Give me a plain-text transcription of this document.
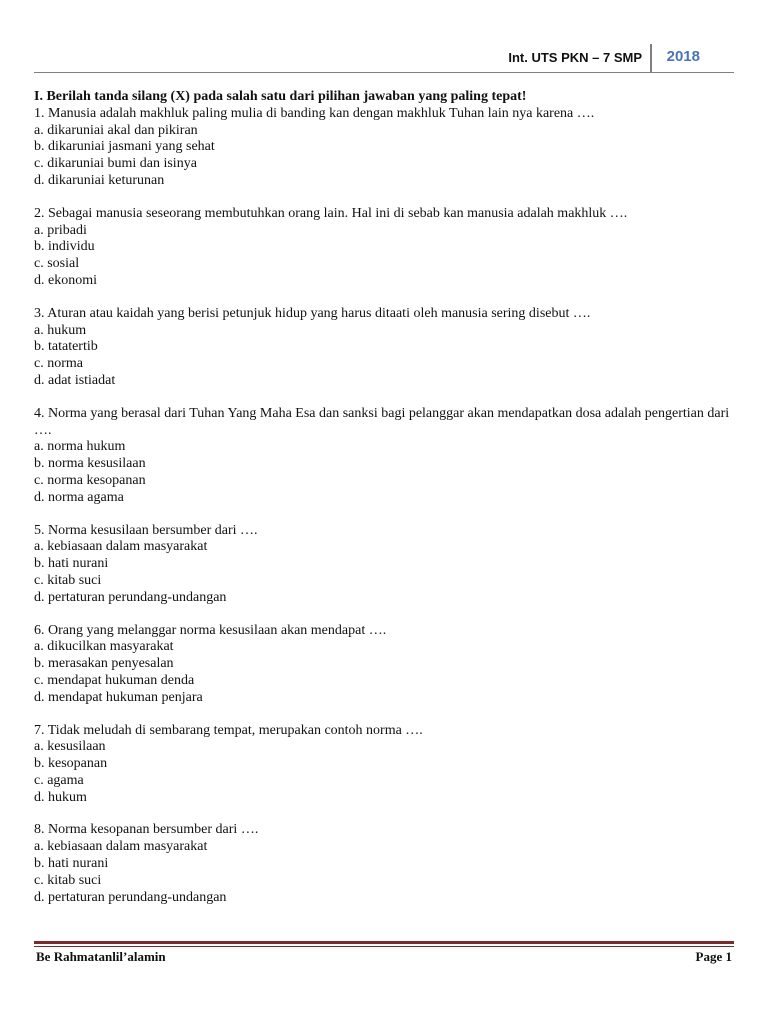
Int. UTS PKN – 7 SMP 2018

I. Berilah tanda silang (X) pada salah satu dari pilihan jawaban yang paling tepat!

1. Manusia adalah makhluk paling mulia di banding kan dengan makhluk Tuhan lain nya karena ….

a. dikaruniai akal dan pikiran

b. dikaruniai jasmani yang sehat

c. dikaruniai bumi dan isinya

d. dikaruniai keturunan

2. Sebagai manusia seseorang membutuhkan orang lain. Hal ini di sebab kan manusia adalah makhluk ….

a. pribadi

b. individu

c. sosial

d. ekonomi

3. Aturan atau kaidah yang berisi petunjuk hidup yang harus ditaati oleh manusia sering disebut ….

a. hukum

b. tatatertib

c. norma

d. adat istiadat

4. Norma yang berasal dari Tuhan Yang Maha Esa dan sanksi bagi pelanggar akan mendapatkan dosa adalah pengertian dari ….

a. norma hukum

b. norma kesusilaan

c. norma kesopanan

d. norma agama

5. Norma kesusilaan bersumber dari ….

a. kebiasaan dalam masyarakat

b. hati nurani

c. kitab suci

d. pertaturan perundang-undangan

6. Orang yang melanggar norma kesusilaan akan mendapat ….

a. dikucilkan masyarakat

b. merasakan penyesalan

c. mendapat hukuman denda

d. mendapat hukuman penjara

7. Tidak meludah di sembarang tempat, merupakan contoh norma ….

a. kesusilaan

b. kesopanan

c. agama

d. hukum

8. Norma kesopanan bersumber dari ….

a. kebiasaan dalam masyarakat

b. hati nurani

c. kitab suci

d. pertaturan perundang-undangan

Be Rahmatanlil’alamin	Page 1
